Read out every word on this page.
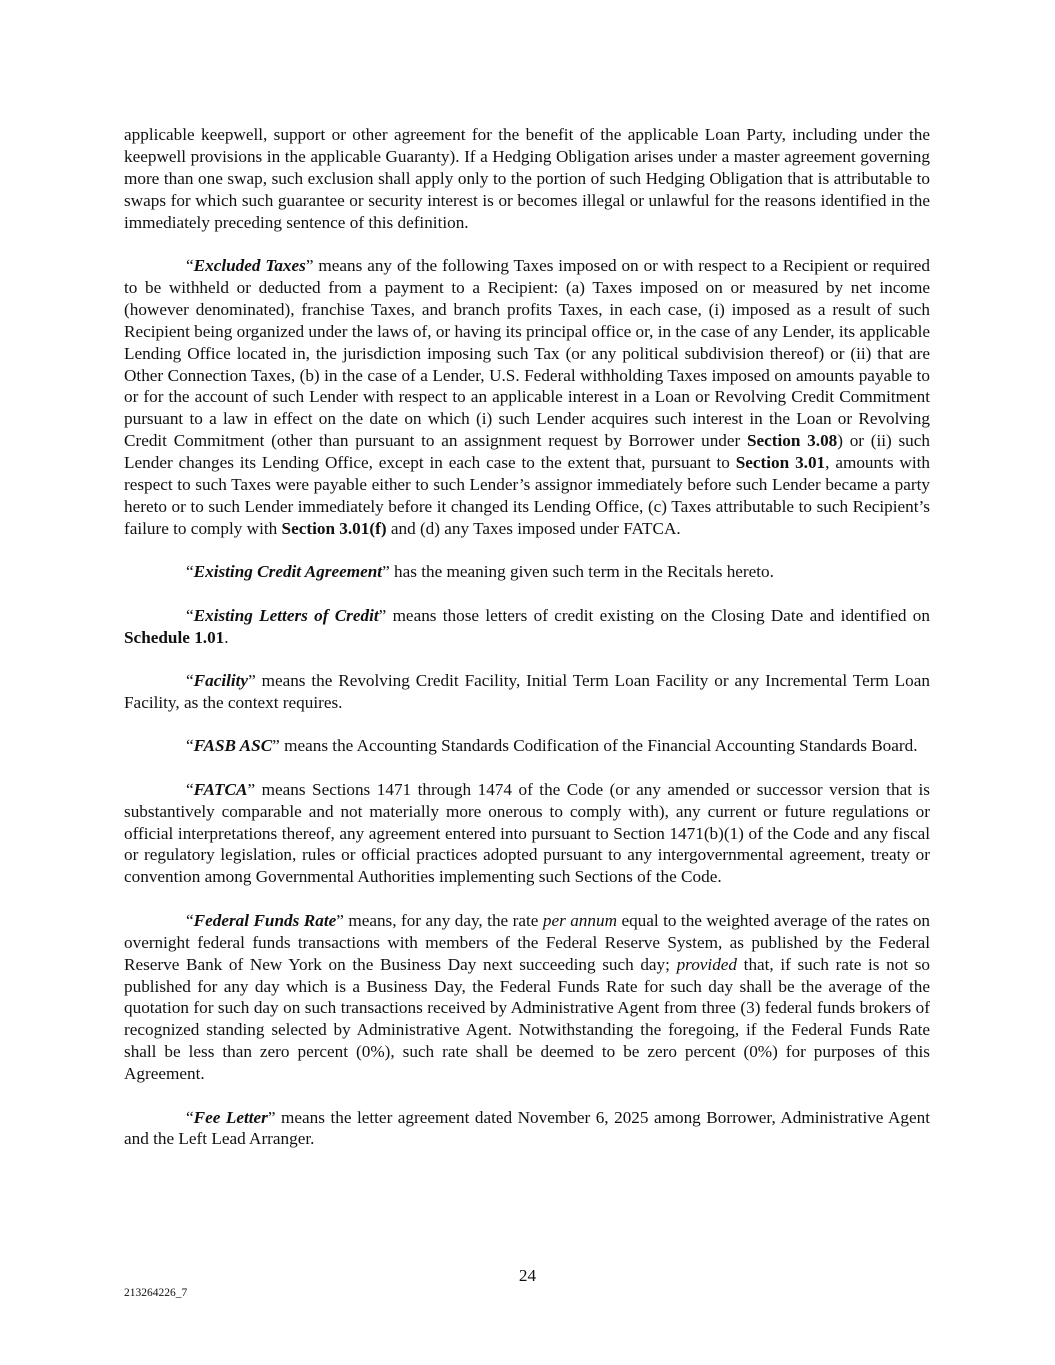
applicable keepwell, support or other agreement for the benefit of the applicable Loan Party, including under the keepwell provisions in the applicable Guaranty). If a Hedging Obligation arises under a master agreement governing more than one swap, such exclusion shall apply only to the portion of such Hedging Obligation that is attributable to swaps for which such guarantee or security interest is or becomes illegal or unlawful for the reasons identified in the immediately preceding sentence of this definition.

“Excluded Taxes” means any of the following Taxes imposed on or with respect to a Recipient or required to be withheld or deducted from a payment to a Recipient: (a) Taxes imposed on or measured by net income (however denominated), franchise Taxes, and branch profits Taxes, in each case, (i) imposed as a result of such Recipient being organized under the laws of, or having its principal office or, in the case of any Lender, its applicable Lending Office located in, the jurisdiction imposing such Tax (or any political subdivision thereof) or (ii) that are Other Connection Taxes, (b) in the case of a Lender, U.S. Federal withholding Taxes imposed on amounts payable to or for the account of such Lender with respect to an applicable interest in a Loan or Revolving Credit Commitment pursuant to a law in effect on the date on which (i) such Lender acquires such interest in the Loan or Revolving Credit Commitment (other than pursuant to an assignment request by Borrower under Section 3.08) or (ii) such Lender changes its Lending Office, except in each case to the extent that, pursuant to Section 3.01, amounts with respect to such Taxes were payable either to such Lender’s assignor immediately before such Lender became a party hereto or to such Lender immediately before it changed its Lending Office, (c) Taxes attributable to such Recipient’s failure to comply with Section 3.01(f) and (d) any Taxes imposed under FATCA.

“Existing Credit Agreement” has the meaning given such term in the Recitals hereto.

“Existing Letters of Credit” means those letters of credit existing on the Closing Date and identified on Schedule 1.01.

“Facility” means the Revolving Credit Facility, Initial Term Loan Facility or any Incremental Term Loan Facility, as the context requires.

“FASB ASC” means the Accounting Standards Codification of the Financial Accounting Standards Board.

“FATCA” means Sections 1471 through 1474 of the Code (or any amended or successor version that is substantively comparable and not materially more onerous to comply with), any current or future regulations or official interpretations thereof, any agreement entered into pursuant to Section 1471(b)(1) of the Code and any fiscal or regulatory legislation, rules or official practices adopted pursuant to any intergovernmental agreement, treaty or convention among Governmental Authorities implementing such Sections of the Code.

“Federal Funds Rate” means, for any day, the rate per annum equal to the weighted average of the rates on overnight federal funds transactions with members of the Federal Reserve System, as published by the Federal Reserve Bank of New York on the Business Day next succeeding such day; provided that, if such rate is not so published for any day which is a Business Day, the Federal Funds Rate for such day shall be the average of the quotation for such day on such transactions received by Administrative Agent from three (3) federal funds brokers of recognized standing selected by Administrative Agent. Notwithstanding the foregoing, if the Federal Funds Rate shall be less than zero percent (0%), such rate shall be deemed to be zero percent (0%) for purposes of this Agreement.

“Fee Letter” means the letter agreement dated November 6, 2025 among Borrower, Administrative Agent and the Left Lead Arranger.

24
213264226_7
